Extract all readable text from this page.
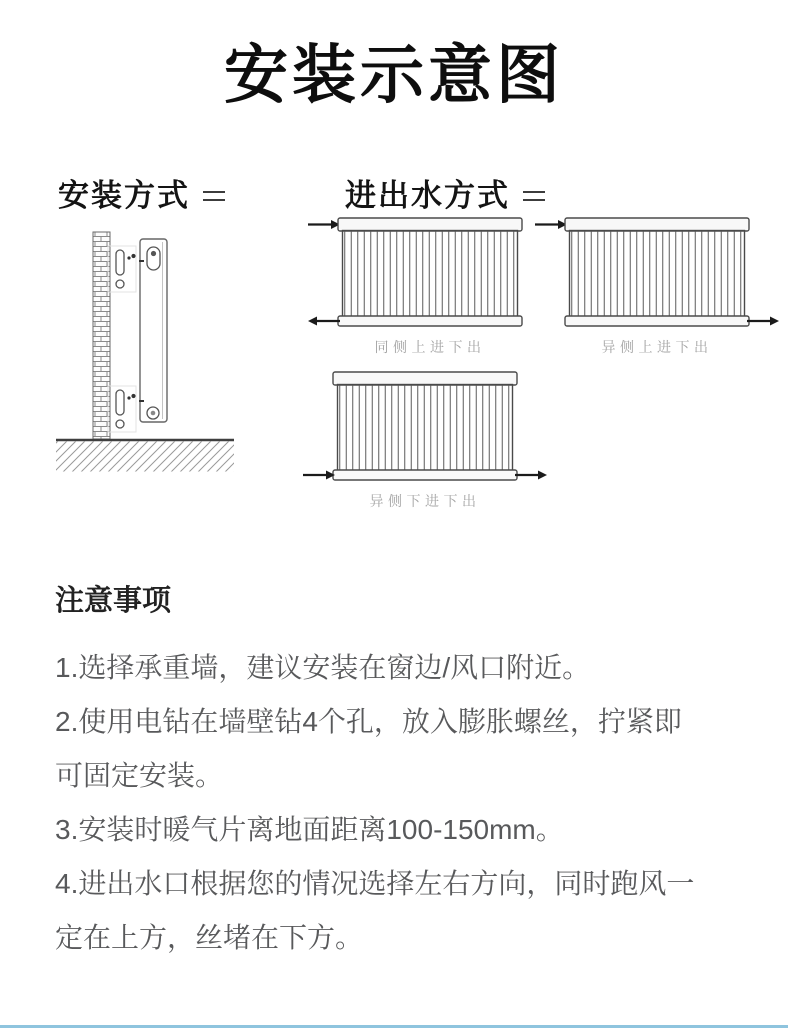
安装示意图
安装方式	进出水方式
同侧上进下出	异侧上进下出
异侧下进下出
注意事项

1.选择承重墙，建议安装在窗边/风口附近。

2.使用电钻在墙壁钻4个孔，放入膨胀螺丝，拧紧即可固定安装。

3.安装时暖气片离地面距离100-150mm。

4.进出水口根据您的情况选择左右方向，同时跑风一定在上方，丝堵在下方。
